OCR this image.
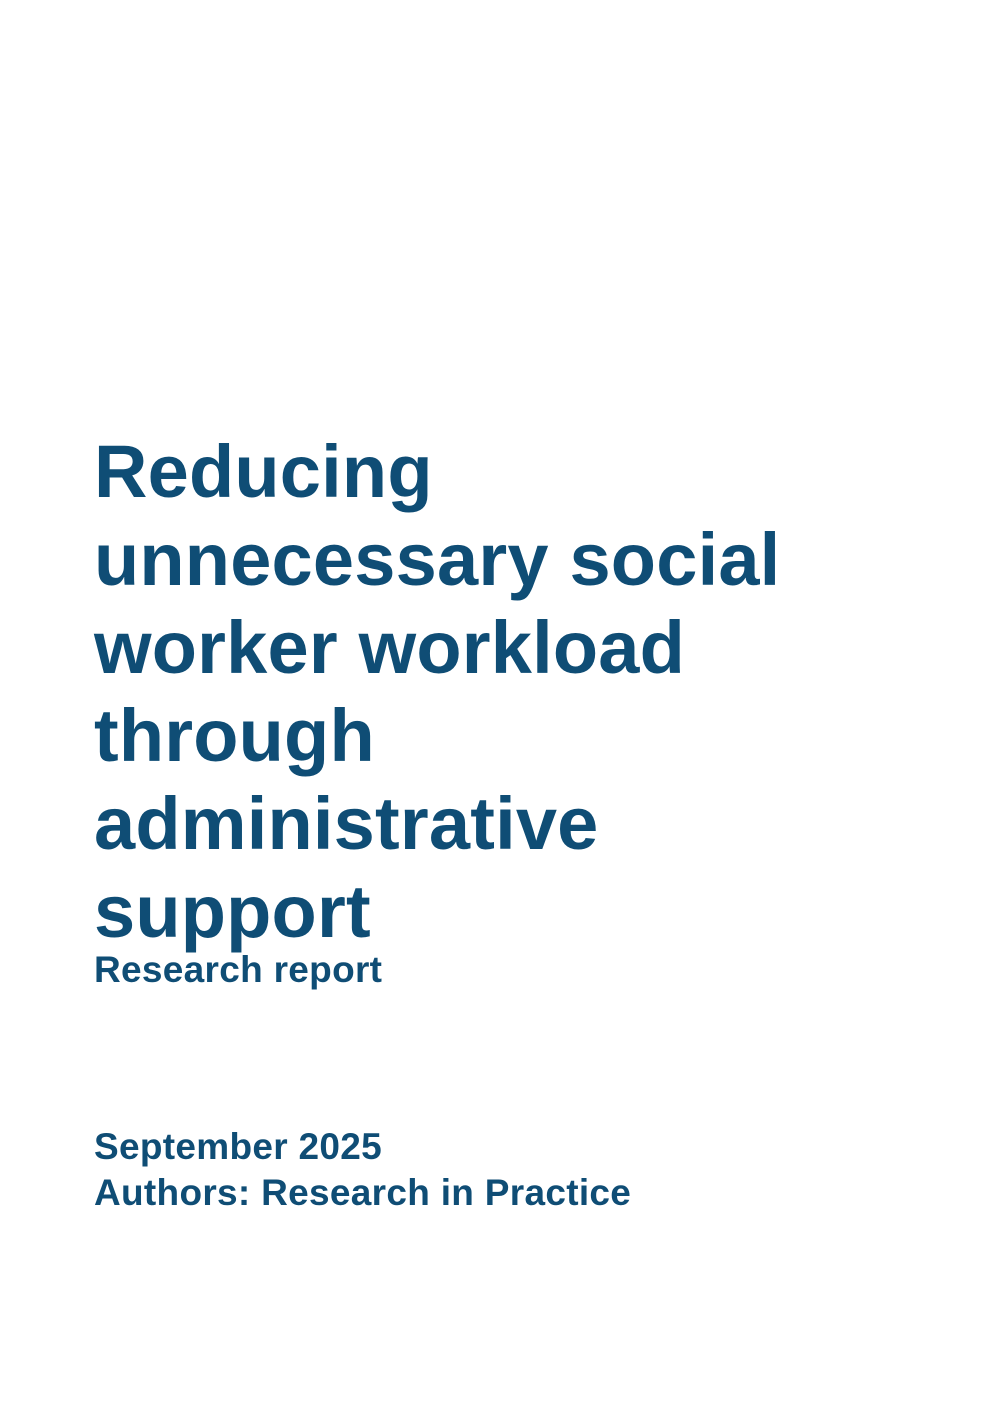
Reducing
unnecessary social
worker workload
through
administrative
support
Research report
September 2025
Authors: Research in Practice
